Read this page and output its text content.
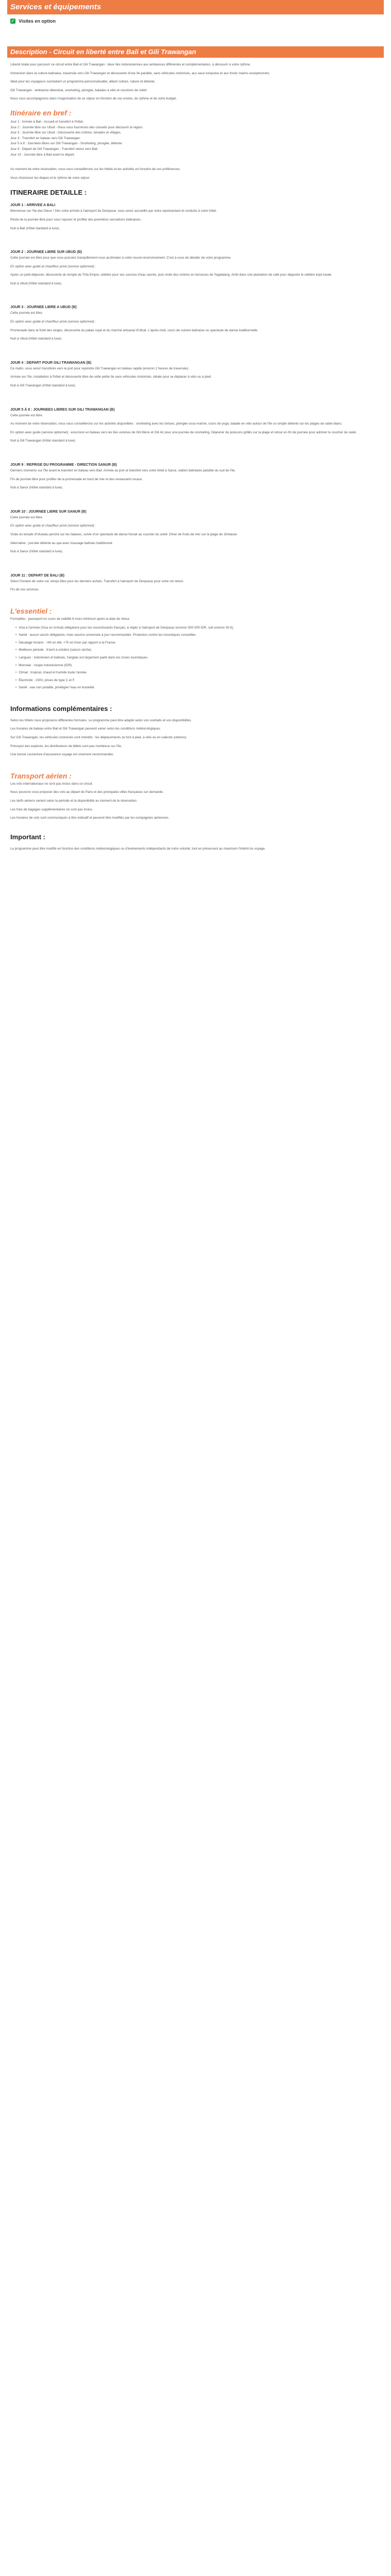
Services et équipements
✓ Visites en option
Description - Circuit en liberté entre Bali et Gili Trawangan

Liberté totale pour parcourir ce circuit entre Bali et Gili Trawangan : deux îles indonésiennes aux ambiances différentes et complémentaires, à découvrir à votre rythme.

Immersion dans la culture balinaise, traversée vers Gili Trawangan et découverte d'une île paisible, sans véhicules motorisés, aux eaux turquoise et aux fonds marins exceptionnels.

Idéal pour les voyageurs souhaitant un programme personnalisable, alliant culture, nature et détente.

Gili Trawangan : ambiance détendue, snorkeling, plongée, balades à vélo et couchers de soleil.

Nous vous accompagnons dans l'organisation de ce séjour en fonction de vos envies, du rythme et de votre budget.

Itinéraire en bref :

Jour 1 : Arrivée à Bali - Accueil et transfert à l'hôtel.

Jour 2 : Journée libre sur Ubud - Nous vous fournirons des conseils pour découvrir la région.

Jour 3 : Journée libre sur Ubud - Découverte des rizières, temples et villages.

Jour 4 : Transfert en bateau vers Gili Trawangan.

Jour 5 à 8 : Journées libres sur Gili Trawangan - Snorkeling, plongée, détente.

Jour 9 : Départ de Gili Trawangan - Transfert retour vers Bali.

Jour 10 : Journée libre à Bali avant le départ.

Au moment de votre réservation, nous vous conseillerons sur les hôtels et les activités en fonction de vos préférences.

Vous choisissez les étapes et le rythme de votre séjour.

ITINERAIRE DETAILLE :
JOUR 1 : ARRIVEE A BALI

Bienvenue sur l'île des Dieux ! Dès votre arrivée à l'aéroport de Denpasar, vous serez accueillis par notre représentant et conduits à votre hôtel.

Reste de la journée libre pour vous reposer et profiter des premières sensations balinaises.

Nuit à Bali (Hôtel standard à luxe).

JOUR 2 : JOURNEE LIBRE SUR UBUD (B)

Cette journée est libre pour que vous puissiez tranquillement vous acclimater à votre nouvel environnement. C'est à vous de décider de votre programme.

En option avec guide et chauffeur privé (service optionnel) :

Après un petit-déjeuner, découverte du temple de Tirta Empul, célèbre pour ses sources d'eau sacrée, puis visite des rizières en terrasses de Tegalalang. Arrêt dans une plantation de café pour déguster le célèbre kopi luwak.

Nuit à Ubud (Hôtel standard à luxe).

JOUR 3 : JOURNEE LIBRE A UBUD (B)

Cette journée est libre.

En option avec guide et chauffeur privé (service optionnel) :

Promenade dans la forêt des singes, découverte du palais royal et du marché artisanal d'Ubud. L'après-midi, cours de cuisine balinaise ou spectacle de danse traditionnelle.

Nuit à Ubud (Hôtel standard à luxe).

JOUR 4 : DEPART POUR GILI TRAWANGAN (B)

Ce matin, vous serez transférés vers le port pour rejoindre Gili Trawangan en bateau rapide (environ 2 heures de traversée).

Arrivée sur l'île, installation à l'hôtel et découverte libre de cette petite île sans véhicules motorisés, idéale pour se déplacer à vélo ou à pied.

Nuit à Gili Trawangan (Hôtel standard à luxe).

JOUR 5 À 8 : JOURNEES LIBRES SUR GILI TRAWANGAN (B)

Cette journée est libre.

Au moment de votre réservation, nous vous conseillerons sur les activités disponibles : snorkeling avec les tortues, plongée sous-marine, cours de yoga, balade en vélo autour de l'île ou simple détente sur les plages de sable blanc.

En option avec guide (service optionnel) : excursion en bateau vers les îles voisines de Gili Meno et Gili Air pour une journée de snorkeling. Déjeuner de poissons grillés sur la plage et retour en fin de journée pour admirer le coucher de soleil.

Nuit à Gili Trawangan (Hôtel standard à luxe).

JOUR 9 : REPRISE DU PROGRAMME - DIRECTION SANUR (B)

Derniers moments sur l'île avant le transfert en bateau vers Bali. Arrivée au port et transfert vers votre hôtel à Sanur, station balnéaire paisible du sud de l'île.

Fin de journée libre pour profiter de la promenade en bord de mer et des restaurants locaux.

Nuit à Sanur (Hôtel standard à luxe).

JOUR 10 : JOURNEE LIBRE SUR SANUR (B)

Cette journée est libre.

En option avec guide et chauffeur privé (service optionnel) :

Visite du temple d'Uluwatu perché sur les falaises, suivie d'un spectacle de danse Kecak au coucher du soleil. Dîner de fruits de mer sur la plage de Jimbaran.

Alternative : journée détente au spa avec massage balinais traditionnel.

Nuit à Sanur (Hôtel standard à luxe).

JOUR 11 : DEPART DE BALI (B)

Selon l'horaire de votre vol, temps libre pour les derniers achats. Transfert à l'aéroport de Denpasar pour votre vol retour.

Fin de nos services.

L'essentiel :

Formalités : passeport en cours de validité 6 mois minimum après la date de retour.

• Visa à l'arrivée (Visa on Arrival) obligatoire pour les ressortissants français, à régler à l'aéroport de Denpasar (environ 500 000 IDR, soit environ 30 €).
• Santé : aucun vaccin obligatoire, mais vaccins universels à jour recommandés. Protection contre les moustiques conseillée.
• Décalage horaire : +6h en été, +7h en hiver par rapport à la France.
• Meilleure période : d'avril à octobre (saison sèche).
• Langues : indonésien et balinais, l'anglais est largement parlé dans les zones touristiques.
• Monnaie : roupie indonésienne (IDR).
• Climat : tropical, chaud et humide toute l'année.
• Électricité : 230V, prises de type C et F.
• Santé : eau non potable, privilégier l'eau en bouteille.
Informations complémentaires :

Selon les hôtels nous proposons différentes formules. Le programme peut être adapté selon vos souhaits et vos disponibilités.

Les horaires de bateau entre Bali et Gili Trawangan peuvent varier selon les conditions météorologiques.

Sur Gili Trawangan, les véhicules motorisés sont interdits : les déplacements se font à pied, à vélo ou en calèche (cidomo).

Prévoyez des espèces, les distributeurs de billets sont peu nombreux sur l'île.

Une bonne couverture d'assurance voyage est vivement recommandée.

Transport aérien :

Les vols internationaux ne sont pas inclus dans ce circuit.

Nous pouvons vous proposer des vols au départ de Paris et des principales villes françaises sur demande.

Les tarifs aériens varient selon la période et la disponibilité au moment de la réservation.

Les frais de bagages supplémentaires ne sont pas inclus.

Les horaires de vols sont communiqués à titre indicatif et peuvent être modifiés par les compagnies aériennes.

Important :

Le programme peut être modifié en fonction des conditions météorologiques ou d'événements indépendants de notre volonté, tout en préservant au maximum l'intérêt du voyage.
